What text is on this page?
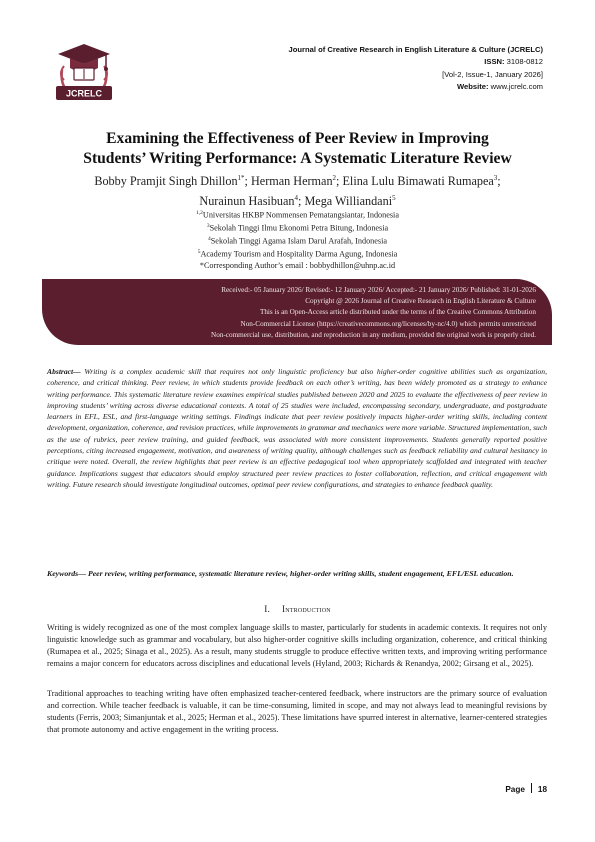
JCRELC
Journal of Creative Research in English Literature & Culture (JCRELC)
ISSN: 3108-0812
[Vol-2, Issue-1, January 2026]
Website: www.jcrelc.com
Examining the Effectiveness of Peer Review in Improving
Students’ Writing Performance: A Systematic Literature Review
Bobby Pramjit Singh Dhillon$^{1*}$; Herman Herman$^2$; Elina Lulu Bimawati Rumapea$^3$;
Nurainun Hasibuan$^4$; Mega Williandani$^5$
$^{1,2}$Universitas HKBP Nommensen Pematangsiantar, Indonesia
$^3$Sekolah Tinggi Ilmu Ekonomi Petra Bitung, Indonesia
$^4$Sekolah Tinggi Agama Islam Darul Arafah, Indonesia
$^5$Academy Tourism and Hospitality Darma Agung, Indonesia
*Corresponding Author’s email : bobbydhillon@uhnp.ac.id
Received:- 05 January 2026/ Revised:- 12 January 2026/ Accepted:- 21 January 2026/ Published: 31-01-2026
Copyright @ 2026 Journal of Creative Research in English Literature & Culture
This is an Open-Access article distributed under the terms of the Creative Commons Attribution
Non-Commercial License (https://creativecommons.org/licenses/by-nc/4.0) which permits unrestricted
Non-commercial use, distribution, and reproduction in any medium, provided the original work is properly cited.
Abstract— Writing is a complex academic skill that requires not only linguistic proficiency but also higher-order cognitive abilities such as organization, coherence, and critical thinking. Peer review, in which students provide feedback on each other’s writing, has been widely promoted as a strategy to enhance writing performance. This systematic literature review examines empirical studies published between 2020 and 2025 to evaluate the effectiveness of peer review in improving students’ writing across diverse educational contexts. A total of 25 studies were included, encompassing secondary, undergraduate, and postgraduate learners in EFL, ESL, and first-language writing settings. Findings indicate that peer review positively impacts higher-order writing skills, including content development, organization, coherence, and revision practices, while improvements in grammar and mechanics were more variable. Structured implementation, such as the use of rubrics, peer review training, and guided feedback, was associated with more consistent improvements. Students generally reported positive perceptions, citing increased engagement, motivation, and awareness of writing quality, although challenges such as feedback reliability and cultural hesitancy in critique were noted. Overall, the review highlights that peer review is an effective pedagogical tool when appropriately scaffolded and integrated with teacher guidance. Implications suggest that educators should employ structured peer review practices to foster collaboration, reflection, and critical engagement with writing. Future research should investigate longitudinal outcomes, optimal peer review configurations, and strategies to enhance feedback quality.
Keywords— Peer review, writing performance, systematic literature review, higher-order writing skills, student engagement, EFL/ESL education.
I. Introduction
Writing is widely recognized as one of the most complex language skills to master, particularly for students in academic contexts. It requires not only linguistic knowledge such as grammar and vocabulary, but also higher-order cognitive skills including organization, coherence, and critical thinking (Rumapea et al., 2025; Sinaga et al., 2025). As a result, many students struggle to produce effective written texts, and improving writing performance remains a major concern for educators across disciplines and educational levels (Hyland, 2003; Richards & Renandya, 2002; Girsang et al., 2025).
Traditional approaches to teaching writing have often emphasized teacher-centered feedback, where instructors are the primary source of evaluation and correction. While teacher feedback is valuable, it can be time-consuming, limited in scope, and may not always lead to meaningful revisions by students (Ferris, 2003; Simanjuntak et al., 2025; Herman et al., 2025). These limitations have spurred interest in alternative, learner-centered strategies that promote autonomy and active engagement in the writing process.
Page 18
